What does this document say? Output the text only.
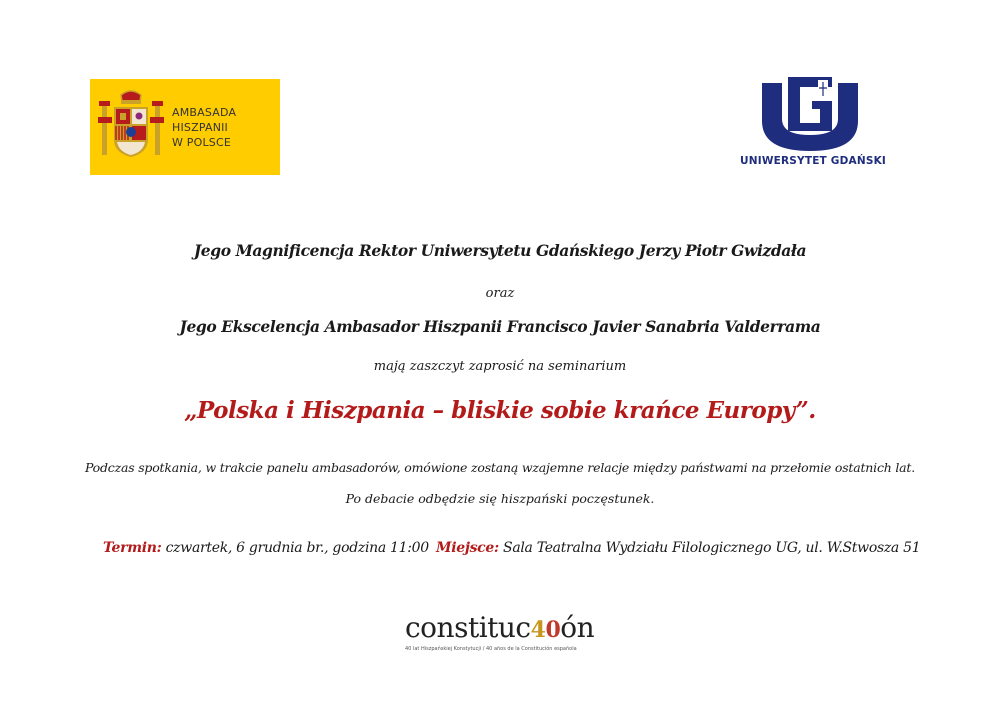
AMBASADA
HISZPANII
W POLSCE
UNIWERSYTET GDAŃSKI
Jego Magnificencja Rektor Uniwersytetu Gdańskiego Jerzy Piotr Gwizdała
oraz
Jego Ekscelencja Ambasador Hiszpanii Francisco Javier Sanabria Valderrama
mają zaszczyt zaprosić na seminarium
„Polska i Hiszpania – bliskie sobie krańce Europy”.
Podczas spotkania, w trakcie panelu ambasadorów, omówione zostaną wzajemne relacje między państwami na przełomie ostatnich lat.
Po debacie odbędzie się hiszpański poczęstunek.
Termin: czwartek, 6 grudnia br., godzina 11:00 Miejsce: Sala Teatralna Wydziału Filologicznego UG, ul. W.Stwosza 51
constituc40ón
40 lat Hiszpańskiej Konstytucji / 40 años de la Constitución española
